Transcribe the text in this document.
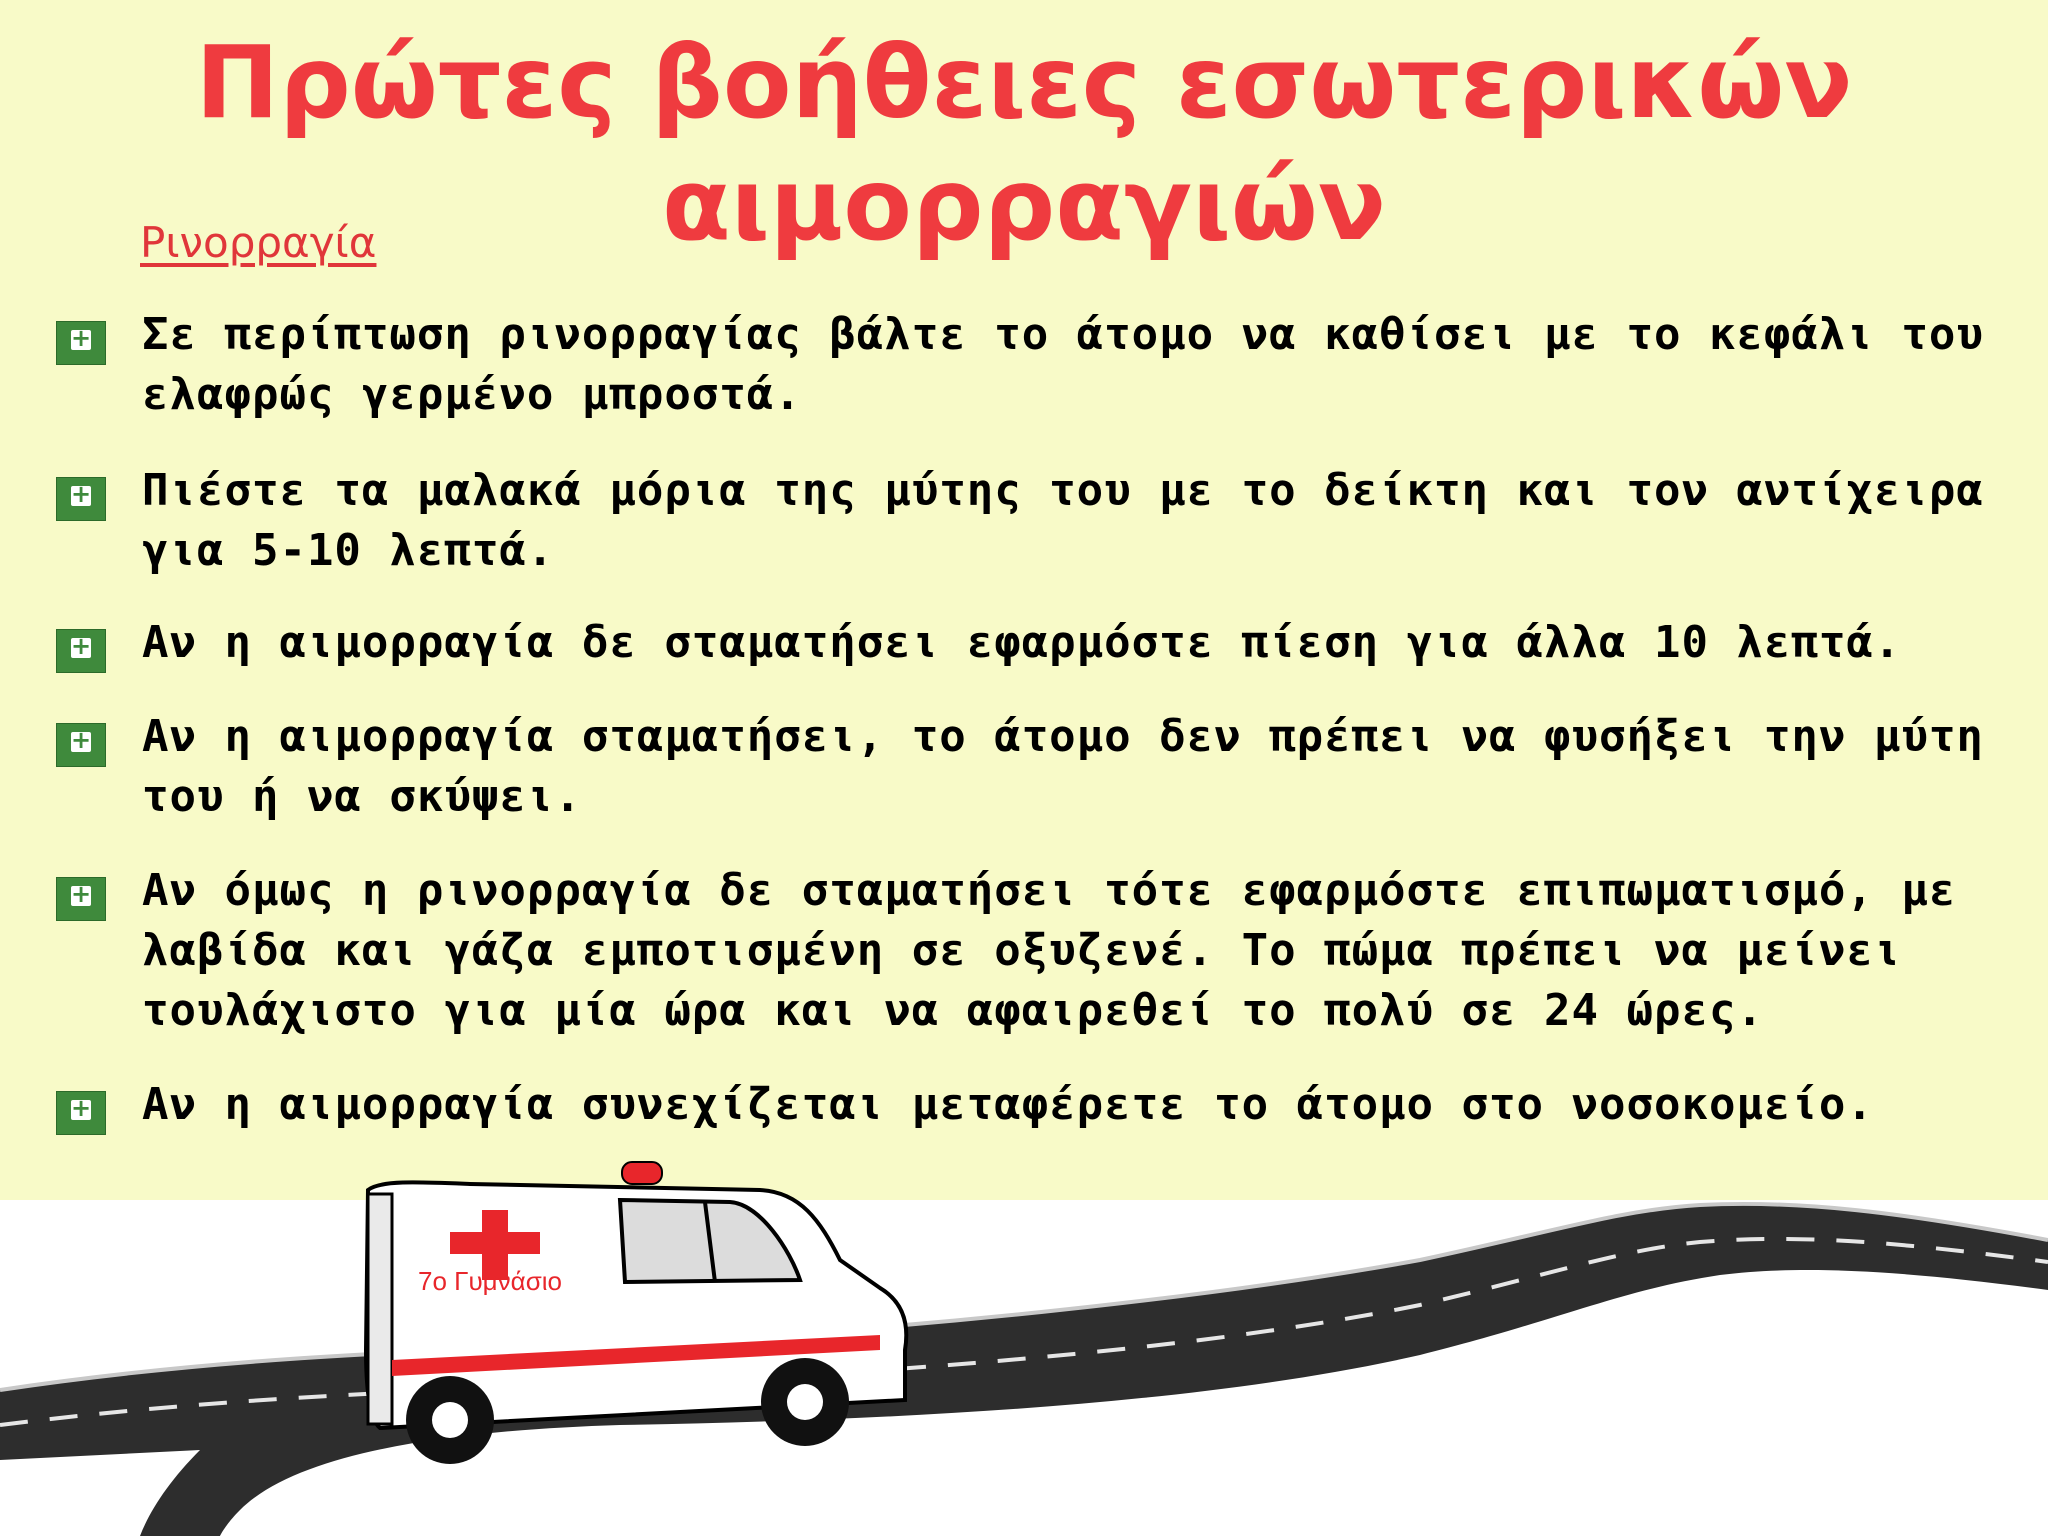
Πρώτες βοήθειες εσωτερικών
αιμορραγιών
Ρινορραγία
+
Σε περίπτωση ρινορραγίας βάλτε το άτομο να καθίσει με το κεφάλι του ελαφρώς γερμένο μπροστά.
+
Πιέστε τα μαλακά μόρια της μύτης του με το δείκτη και τον αντίχειρα για 5-10 λεπτά.
+
Αν η αιμορραγία δε σταματήσει εφαρμόστε πίεση για άλλα 10 λεπτά.
+
Αν η αιμορραγία σταματήσει, το άτομο δεν πρέπει να φυσήξει την μύτη του ή να σκύψει.
+
Αν όμως η ρινορραγία δε σταματήσει τότε εφαρμόστε επιπωματισμό, με λαβίδα και γάζα εμποτισμένη σε οξυζενέ. Το πώμα πρέπει να μείνει τουλάχιστο για μία ώρα και να αφαιρεθεί το πολύ σε 24 ώρες.
+
Αν η αιμορραγία συνεχίζεται μεταφέρετε το άτομο στο νοσοκομείο.
7ο Γυμνάσιο
